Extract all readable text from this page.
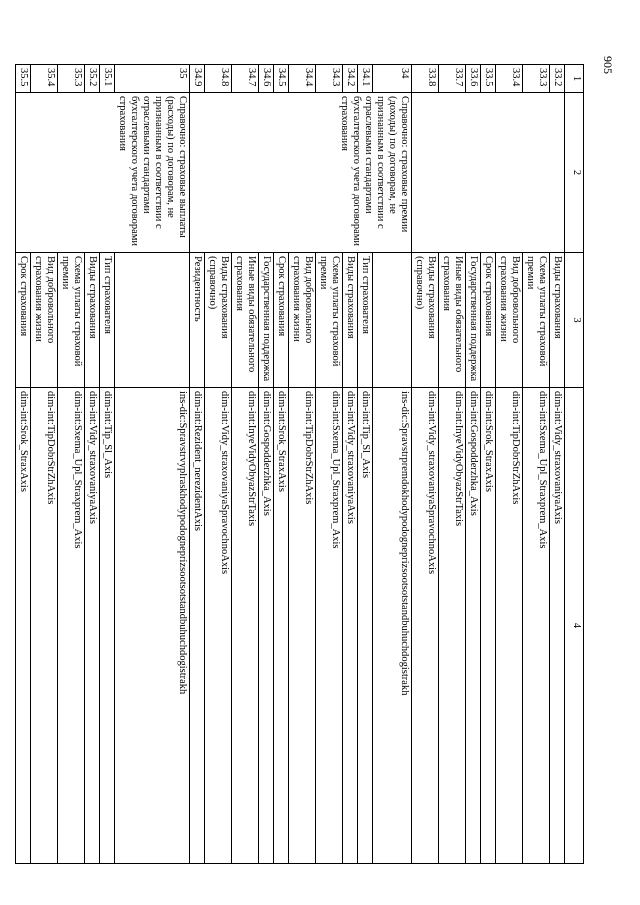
905
1	2	3	4
33.2		Виды страхования	dim-int:Vidy_straxovaniyaAxis
33.3		Схема уплаты страховой премии	dim-int:Sxema_Upl_Straxprem_Axis
33.4		Вид добровольного страхования жизни	dim-int:TipDobrStrZhAxis
33.5		Срок страхования	dim-int:Srok_StraxAxis
33.6		Государственная поддержка	dim-int:Gospodderzhka_Axis
33.7		Иные виды обязательного страхования	dim-int:InyeVidyObyazStrTaxis
33.8		Виды страхования (справочно)	dim-int:Vidy_straxovaniyaSpravochnoAxis
34	Справочно: страховые премии (доходы) по договорам, не признанным в соответствии с отраслевыми стандартами бухгалтерского учета договорами страхования		ins-dic:Spravstrpremdokhodypodogneprizsootsotstandbuhuchdogistrakh
34.1		Тип страхователя	dim-int:Tip_Sl_Axis
34.2		Виды страхования	dim-int:Vidy_straxovaniyaAxis
34.3		Схема уплаты страховой премии	dim-int:Sxema_Upl_Straxprem_Axis
34.4		Вид добровольного страхования жизни	dim-int:TipDobrStrZhAxis
34.5		Срок страхования	dim-int:Srok_StraxAxis
34.6		Государственная поддержка	dim-int:Gospodderzhka_Axis
34.7		Иные виды обязательного страхования	dim-int:InyeVidyObyazStrTaxis
34.8		Виды страхования (справочно)	dim-int:Vidy_straxovaniyaSpravochnoAxis
34.9		Резидентность	dim-int:Rezident_nerezidentAxis
35	Справочно: страховые выплаты (расходы) по договорам, не признанным в соответствии с отраслевыми стандартами бухгалтерского учета договорами страхования		ins-dic:Spravstrvyplraskhodypodogneprizsootsotstandbuhuchdogistrakh
35.1		Тип страхователя	dim-int:Tip_Sl_Axis
35.2		Виды страхования	dim-int:Vidy_straxovaniyaAxis
35.3		Схема уплаты страховой премии	dim-int:Sxema_Upl_Straxprem_Axis
35.4		Вид добровольного страхования жизни	dim-int:TipDobrStrZhAxis
35.5		Срок страхования	dim-int:Srok_StraxAxis
